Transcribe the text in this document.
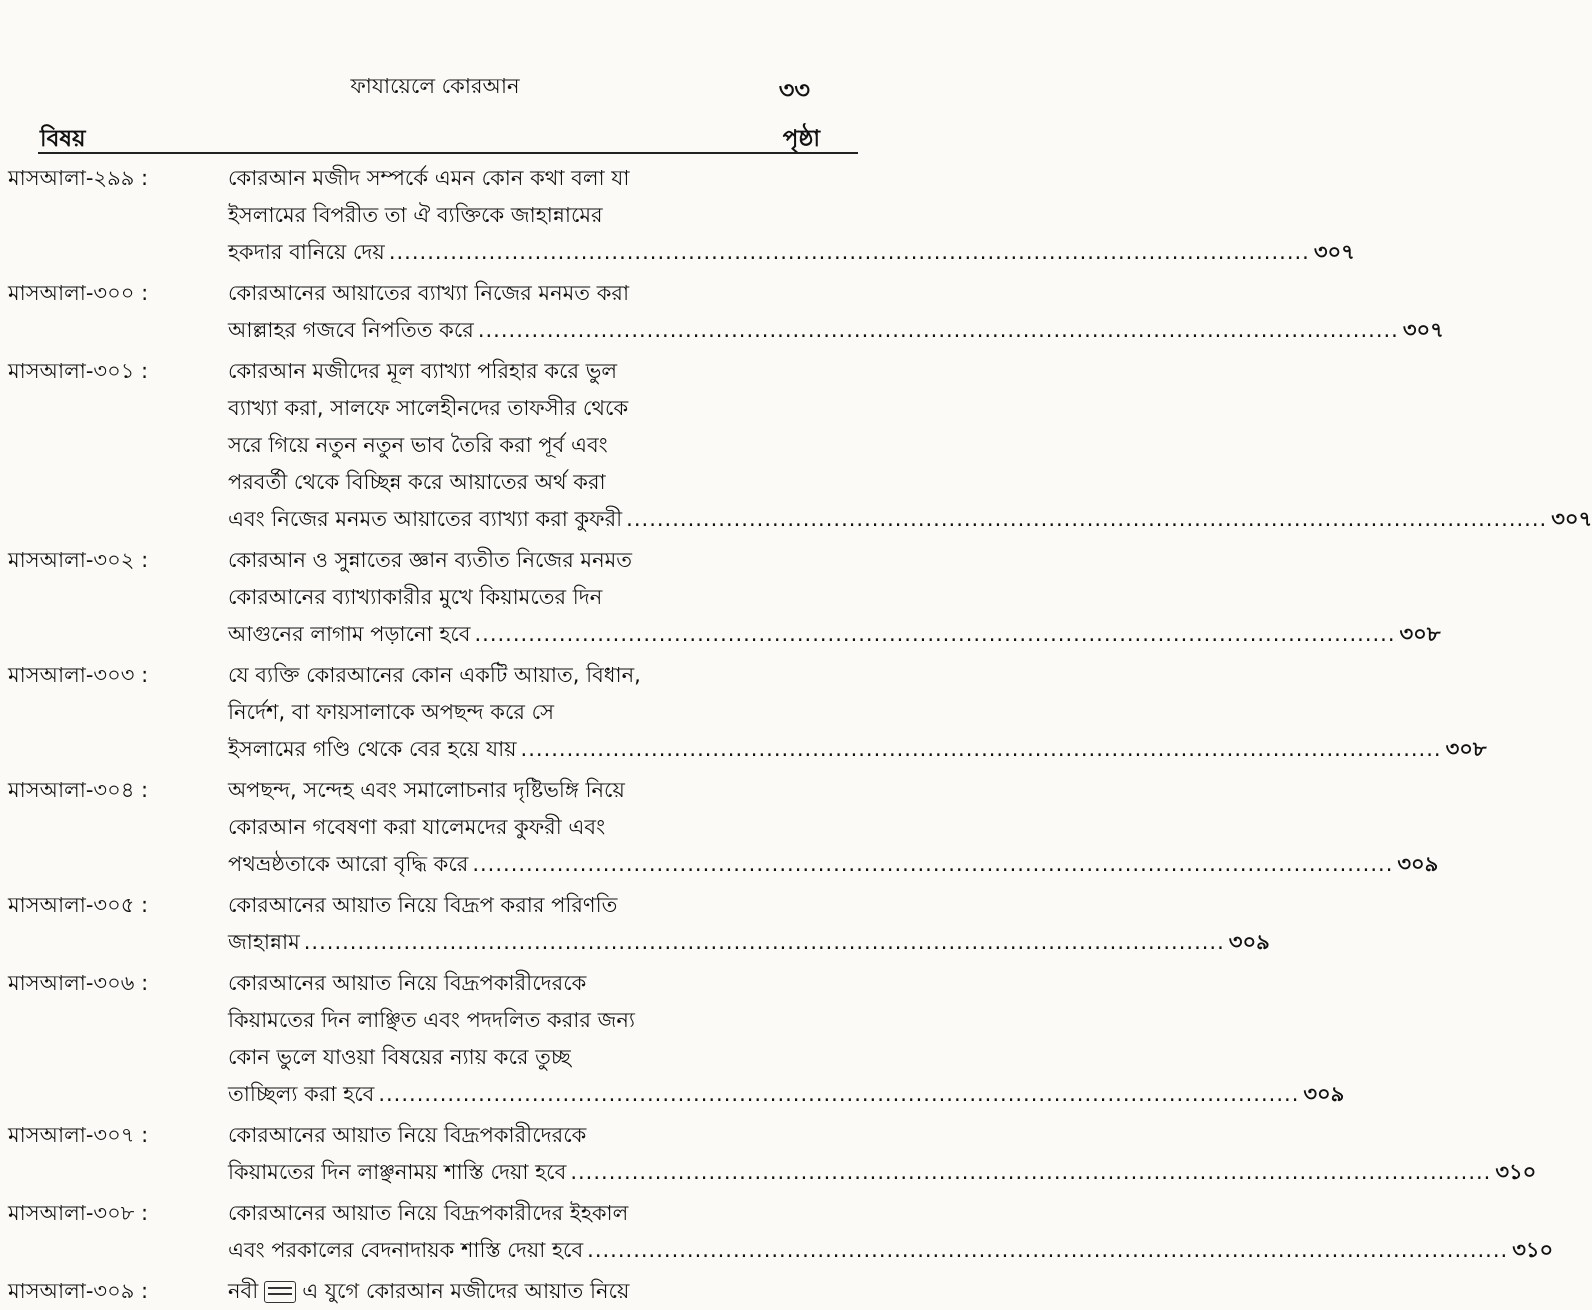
ফাযায়েলে কোরআন	৩৩
বিষয়	পৃষ্ঠা
মাসআলা-২৯৯ :	কোরআন মজীদ সম্পর্কে এমন কোন কথা বলা যা
ইসলামের বিপরীত তা ঐ ব্যক্তিকে জাহান্নামের
হকদার বানিয়ে দেয় ........................................................................................................................ ৩০৭
মাসআলা-৩০০ :	কোরআনের আয়াতের ব্যাখ্যা নিজের মনমত করা
আল্লাহর গজবে নিপতিত করে ........................................................................................................................ ৩০৭
মাসআলা-৩০১ :	কোরআন মজীদের মূল ব্যাখ্যা পরিহার করে ভুল
ব্যাখ্যা করা, সালফে সালেহীনদের তাফসীর থেকে
সরে গিয়ে নতুন নতুন ভাব তৈরি করা পূর্ব এবং
পরবর্তী থেকে বিচ্ছিন্ন করে আয়াতের অর্থ করা
এবং নিজের মনমত আয়াতের ব্যাখ্যা করা কুফরী ........................................................................................................................ ৩০৭
মাসআলা-৩০২ :	কোরআন ও সুন্নাতের জ্ঞান ব্যতীত নিজের মনমত
কোরআনের ব্যাখ্যাকারীর মুখে কিয়ামতের দিন
আগুনের লাগাম পড়ানো হবে ........................................................................................................................ ৩০৮
মাসআলা-৩০৩ :	যে ব্যক্তি কোরআনের কোন একটি আয়াত, বিধান,
নির্দেশ, বা ফায়সালাকে অপছন্দ করে সে
ইসলামের গণ্ডি থেকে বের হয়ে যায় ........................................................................................................................ ৩০৮
মাসআলা-৩০৪ :	অপছন্দ, সন্দেহ এবং সমালোচনার দৃষ্টিভঙ্গি নিয়ে
কোরআন গবেষণা করা যালেমদের কুফরী এবং
পথভ্রষ্ঠতাকে আরো বৃদ্ধি করে ........................................................................................................................ ৩০৯
মাসআলা-৩০৫ :	কোরআনের আয়াত নিয়ে বিদ্রূপ করার পরিণতি
জাহান্নাম ........................................................................................................................ ৩০৯
মাসআলা-৩০৬ :	কোরআনের আয়াত নিয়ে বিদ্রূপকারীদেরকে
কিয়ামতের দিন লাঞ্ছিত এবং পদদলিত করার জন্য
কোন ভুলে যাওয়া বিষয়ের ন্যায় করে তুচ্ছ
তাচ্ছিল্য করা হবে ........................................................................................................................ ৩০৯
মাসআলা-৩০৭ :	কোরআনের আয়াত নিয়ে বিদ্রূপকারীদেরকে
কিয়ামতের দিন লাঞ্ছনাময় শাস্তি দেয়া হবে ........................................................................................................................ ৩১০
মাসআলা-৩০৮ :	কোরআনের আয়াত নিয়ে বিদ্রূপকারীদের ইহকাল
এবং পরকালের বেদনাদায়ক শাস্তি দেয়া হবে ........................................................................................................................ ৩১০
মাসআলা-৩০৯ :	নবী এ যুগে কোরআন মজীদের আয়াত নিয়ে
